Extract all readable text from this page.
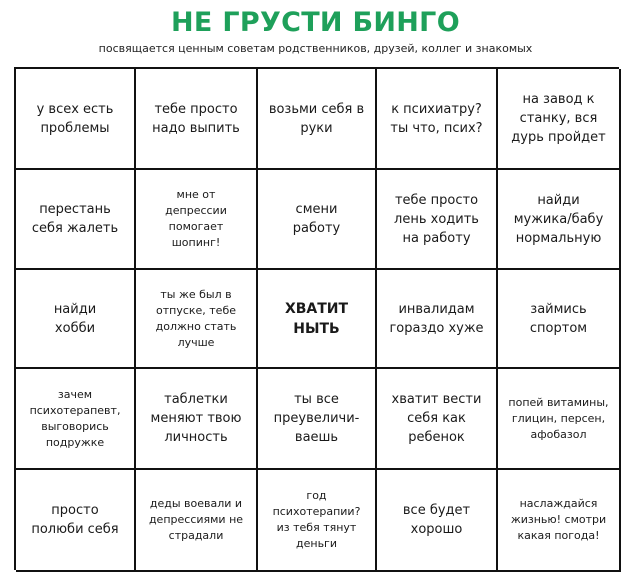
НЕ ГРУСТИ БИНГО
посвящается ценным советам родственников, друзей, коллег и знакомых
у всех есть
проблемы
тебе просто
надо выпить
возьми себя в
руки
к психиатру?
ты что, псих?
на завод к
станку, вся
дурь пройдет
перестань
себя жалеть
мне от
депрессии
помогает
шопинг!
смени
работу
тебе просто
лень ходить
на работу
найди
мужика/бабу
нормальную
найди
хобби
ты же был в
отпуске, тебе
должно стать
лучше
ХВАТИТ
НЫТЬ
инвалидам
гораздо хуже
займись
спортом
зачем
психотерапевт,
выговорись
подружке
таблетки
меняют твою
личность
ты все
преувеличи-
ваешь
хватит вести
себя как
ребенок
попей витамины,
глицин, персен,
афобазол
просто
полюби себя
деды воевали и
депрессиями не
страдали
год
психотерапии?
из тебя тянут
деньги
все будет
хорошо
наслаждайся
жизнью! смотри
какая погода!
